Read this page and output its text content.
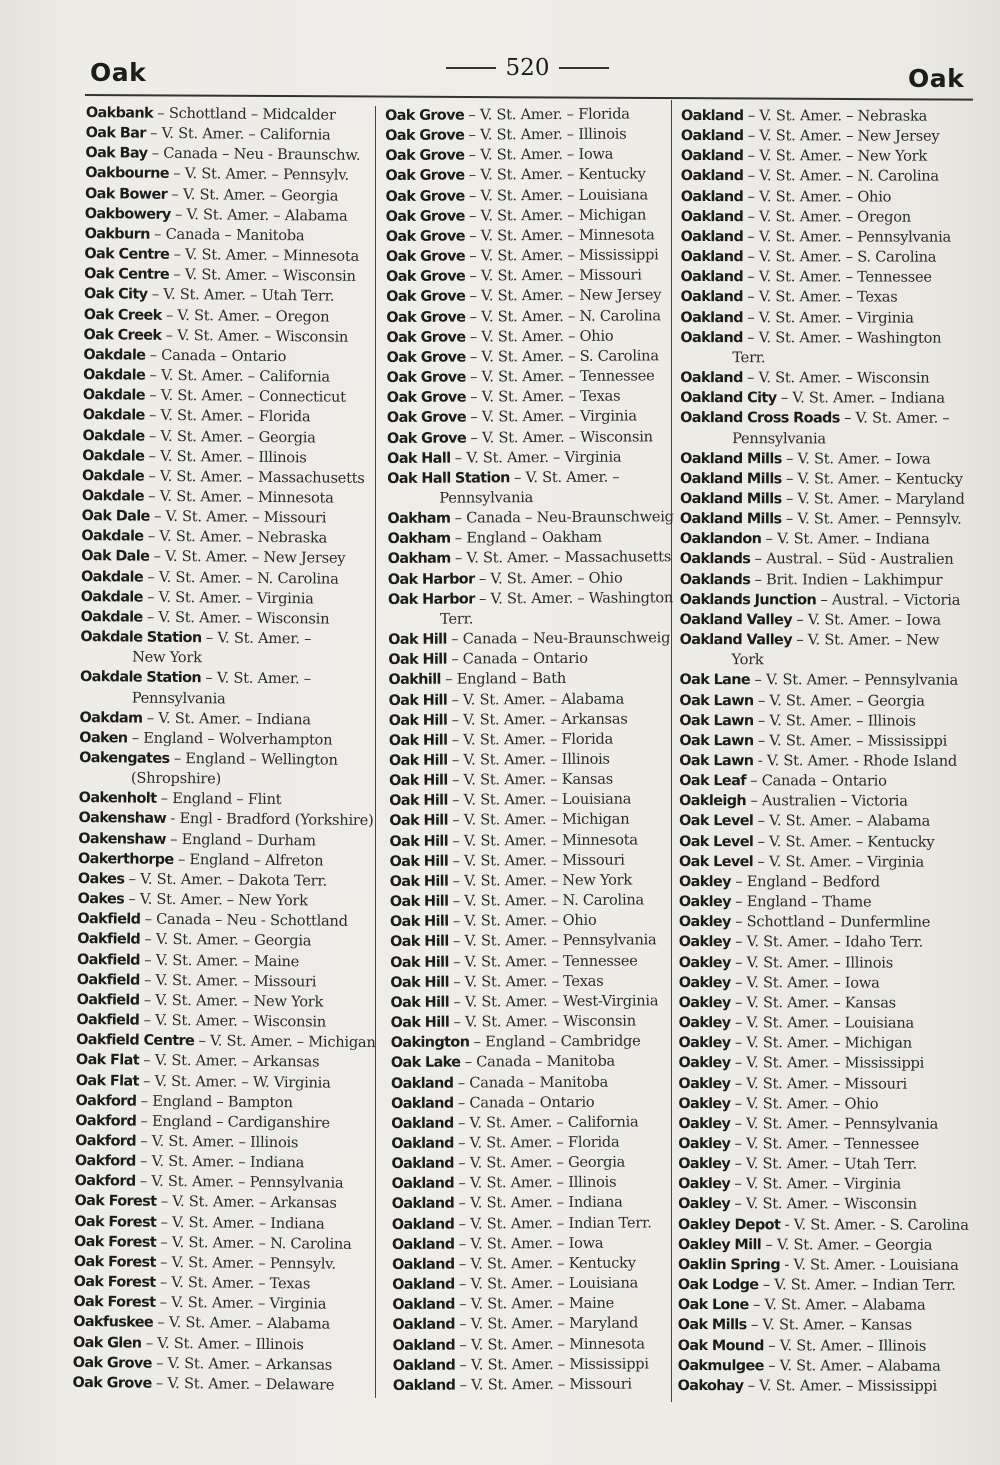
Oak	520	Oak
Oakbank – Schottland – Midcalder
Oak Bar – V. St. Amer. – California
Oak Bay – Canada – Neu - Braunschw.
Oakbourne – V. St. Amer. – Pennsylv.
Oak Bower – V. St. Amer. – Georgia
Oakbowery – V. St. Amer. – Alabama
Oakburn – Canada – Manitoba
Oak Centre – V. St. Amer. – Minnesota
Oak Centre – V. St. Amer. – Wisconsin
Oak City – V. St. Amer. – Utah Terr.
Oak Creek – V. St. Amer. – Oregon
Oak Creek – V. St. Amer. – Wisconsin
Oakdale – Canada – Ontario
Oakdale – V. St. Amer. – California
Oakdale – V. St. Amer. – Connecticut
Oakdale – V. St. Amer. – Florida
Oakdale – V. St. Amer. – Georgia
Oakdale – V. St. Amer. – Illinois
Oakdale – V. St. Amer. – Massachusetts
Oakdale – V. St. Amer. – Minnesota
Oak Dale – V. St. Amer. – Missouri
Oakdale – V. St. Amer. – Nebraska
Oak Dale – V. St. Amer. – New Jersey
Oakdale – V. St. Amer. – N. Carolina
Oakdale – V. St. Amer. – Virginia
Oakdale – V. St. Amer. – Wisconsin
Oakdale Station – V. St. Amer. –
New York
Oakdale Station – V. St. Amer. –
Pennsylvania
Oakdam – V. St. Amer. – Indiana
Oaken – England – Wolverhampton
Oakengates – England – Wellington
(Shropshire)
Oakenholt – England – Flint
Oakenshaw - Engl - Bradford (Yorkshire)
Oakenshaw – England – Durham
Oakerthorpe – England – Alfreton
Oakes – V. St. Amer. – Dakota Terr.
Oakes – V. St. Amer. – New York
Oakfield – Canada – Neu - Schottland
Oakfield – V. St. Amer. – Georgia
Oakfield – V. St. Amer. – Maine
Oakfield – V. St. Amer. – Missouri
Oakfield – V. St. Amer. – New York
Oakfield – V. St. Amer. – Wisconsin
Oakfield Centre – V. St. Amer. – Michigan
Oak Flat – V. St. Amer. – Arkansas
Oak Flat – V. St. Amer. – W. Virginia
Oakford – England – Bampton
Oakford – England – Cardiganshire
Oakford – V. St. Amer. – Illinois
Oakford – V. St. Amer. – Indiana
Oakford – V. St. Amer. – Pennsylvania
Oak Forest – V. St. Amer. – Arkansas
Oak Forest – V. St. Amer. – Indiana
Oak Forest – V. St. Amer. – N. Carolina
Oak Forest – V. St. Amer. – Pennsylv.
Oak Forest – V. St. Amer. – Texas
Oak Forest – V. St. Amer. – Virginia
Oakfuskee – V. St. Amer. – Alabama
Oak Glen – V. St. Amer. – Illinois
Oak Grove – V. St. Amer. – Arkansas
Oak Grove – V. St. Amer. – Delaware
Oak Grove – V. St. Amer. – Florida
Oak Grove – V. St. Amer. – Illinois
Oak Grove – V. St. Amer. – Iowa
Oak Grove – V. St. Amer. – Kentucky
Oak Grove – V. St. Amer. – Louisiana
Oak Grove – V. St. Amer. – Michigan
Oak Grove – V. St. Amer. – Minnesota
Oak Grove – V. St. Amer. – Mississippi
Oak Grove – V. St. Amer. – Missouri
Oak Grove – V. St. Amer. – New Jersey
Oak Grove – V. St. Amer. – N. Carolina
Oak Grove – V. St. Amer. – Ohio
Oak Grove – V. St. Amer. – S. Carolina
Oak Grove – V. St. Amer. – Tennessee
Oak Grove – V. St. Amer. – Texas
Oak Grove – V. St. Amer. – Virginia
Oak Grove – V. St. Amer. – Wisconsin
Oak Hall – V. St. Amer. – Virginia
Oak Hall Station – V. St. Amer. –
Pennsylvania
Oakham – Canada – Neu-Braunschweig
Oakham – England – Oakham
Oakham – V. St. Amer. – Massachusetts
Oak Harbor – V. St. Amer. – Ohio
Oak Harbor – V. St. Amer. – Washington
Terr.
Oak Hill – Canada – Neu-Braunschweig
Oak Hill – Canada – Ontario
Oakhill – England – Bath
Oak Hill – V. St. Amer. – Alabama
Oak Hill – V. St. Amer. – Arkansas
Oak Hill – V. St. Amer. – Florida
Oak Hill – V. St. Amer. – Illinois
Oak Hill – V. St. Amer. – Kansas
Oak Hill – V. St. Amer. – Louisiana
Oak Hill – V. St. Amer. – Michigan
Oak Hill – V. St. Amer. – Minnesota
Oak Hill – V. St. Amer. – Missouri
Oak Hill – V. St. Amer. – New York
Oak Hill – V. St. Amer. – N. Carolina
Oak Hill – V. St. Amer. – Ohio
Oak Hill – V. St. Amer. – Pennsylvania
Oak Hill – V. St. Amer. – Tennessee
Oak Hill – V. St. Amer. – Texas
Oak Hill – V. St. Amer. – West-Virginia
Oak Hill – V. St. Amer. – Wisconsin
Oakington – England – Cambridge
Oak Lake – Canada – Manitoba
Oakland – Canada – Manitoba
Oakland – Canada – Ontario
Oakland – V. St. Amer. – California
Oakland – V. St. Amer. – Florida
Oakland – V. St. Amer. – Georgia
Oakland – V. St. Amer. – Illinois
Oakland – V. St. Amer. – Indiana
Oakland – V. St. Amer. – Indian Terr.
Oakland – V. St. Amer. – Iowa
Oakland – V. St. Amer. – Kentucky
Oakland – V. St. Amer. – Louisiana
Oakland – V. St. Amer. – Maine
Oakland – V. St. Amer. – Maryland
Oakland – V. St. Amer. – Minnesota
Oakland – V. St. Amer. – Mississippi
Oakland – V. St. Amer. – Missouri
Oakland – V. St. Amer. – Nebraska
Oakland – V. St. Amer. – New Jersey
Oakland – V. St. Amer. – New York
Oakland – V. St. Amer. – N. Carolina
Oakland – V. St. Amer. – Ohio
Oakland – V. St. Amer. – Oregon
Oakland – V. St. Amer. – Pennsylvania
Oakland – V. St. Amer. – S. Carolina
Oakland – V. St. Amer. – Tennessee
Oakland – V. St. Amer. – Texas
Oakland – V. St. Amer. – Virginia
Oakland – V. St. Amer. – Washington
Terr.
Oakland – V. St. Amer. – Wisconsin
Oakland City – V. St. Amer. – Indiana
Oakland Cross Roads – V. St. Amer. –
Pennsylvania
Oakland Mills – V. St. Amer. – Iowa
Oakland Mills – V. St. Amer. – Kentucky
Oakland Mills – V. St. Amer. – Maryland
Oakland Mills – V. St. Amer. – Pennsylv.
Oaklandon – V. St. Amer. – Indiana
Oaklands – Austral. – Süd - Australien
Oaklands – Brit. Indien – Lakhimpur
Oaklands Junction – Austral. – Victoria
Oakland Valley – V. St. Amer. – Iowa
Oakland Valley – V. St. Amer. – New
York
Oak Lane – V. St. Amer. – Pennsylvania
Oak Lawn – V. St. Amer. – Georgia
Oak Lawn – V. St. Amer. – Illinois
Oak Lawn – V. St. Amer. – Mississippi
Oak Lawn - V. St. Amer. - Rhode Island
Oak Leaf – Canada – Ontario
Oakleigh – Australien – Victoria
Oak Level – V. St. Amer. – Alabama
Oak Level – V. St. Amer. – Kentucky
Oak Level – V. St. Amer. – Virginia
Oakley – England – Bedford
Oakley – England – Thame
Oakley – Schottland – Dunfermline
Oakley – V. St. Amer. – Idaho Terr.
Oakley – V. St. Amer. – Illinois
Oakley – V. St. Amer. – Iowa
Oakley – V. St. Amer. – Kansas
Oakley – V. St. Amer. – Louisiana
Oakley – V. St. Amer. – Michigan
Oakley – V. St. Amer. – Mississippi
Oakley – V. St. Amer. – Missouri
Oakley – V. St. Amer. – Ohio
Oakley – V. St. Amer. – Pennsylvania
Oakley – V. St. Amer. – Tennessee
Oakley – V. St. Amer. – Utah Terr.
Oakley – V. St. Amer. – Virginia
Oakley – V. St. Amer. – Wisconsin
Oakley Depot - V. St. Amer. - S. Carolina
Oakley Mill – V. St. Amer. – Georgia
Oaklin Spring - V. St. Amer. - Louisiana
Oak Lodge – V. St. Amer. – Indian Terr.
Oak Lone – V. St. Amer. – Alabama
Oak Mills – V. St. Amer. – Kansas
Oak Mound – V. St. Amer. – Illinois
Oakmulgee – V. St. Amer. – Alabama
Oakohay – V. St. Amer. – Mississippi
